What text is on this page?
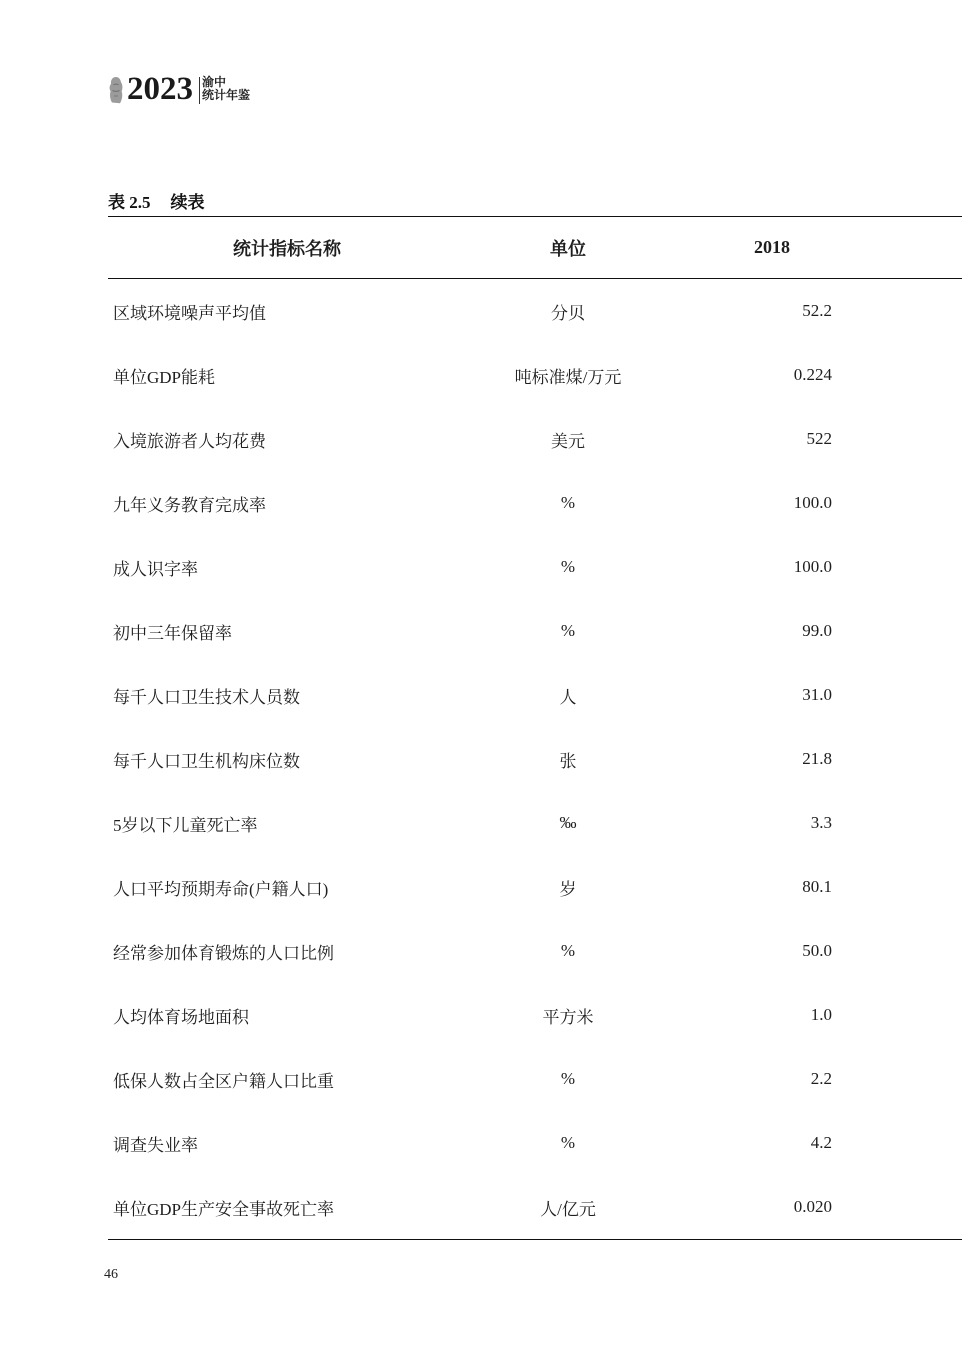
2023 渝中
统计年鉴
表 2.5 续表
统计指标名称	单位	2018
区域环境噪声平均值	分贝	52.2
单位GDP能耗	吨标准煤/万元	0.224
入境旅游者人均花费	美元	522
九年义务教育完成率	%	100.0
成人识字率	%	100.0
初中三年保留率	%	99.0
每千人口卫生技术人员数	人	31.0
每千人口卫生机构床位数	张	21.8
5岁以下儿童死亡率	‰	3.3
人口平均预期寿命(户籍人口)	岁	80.1
经常参加体育锻炼的人口比例	%	50.0
人均体育场地面积	平方米	1.0
低保人数占全区户籍人口比重	%	2.2
调查失业率	%	4.2
单位GDP生产安全事故死亡率	人/亿元	0.020
46
